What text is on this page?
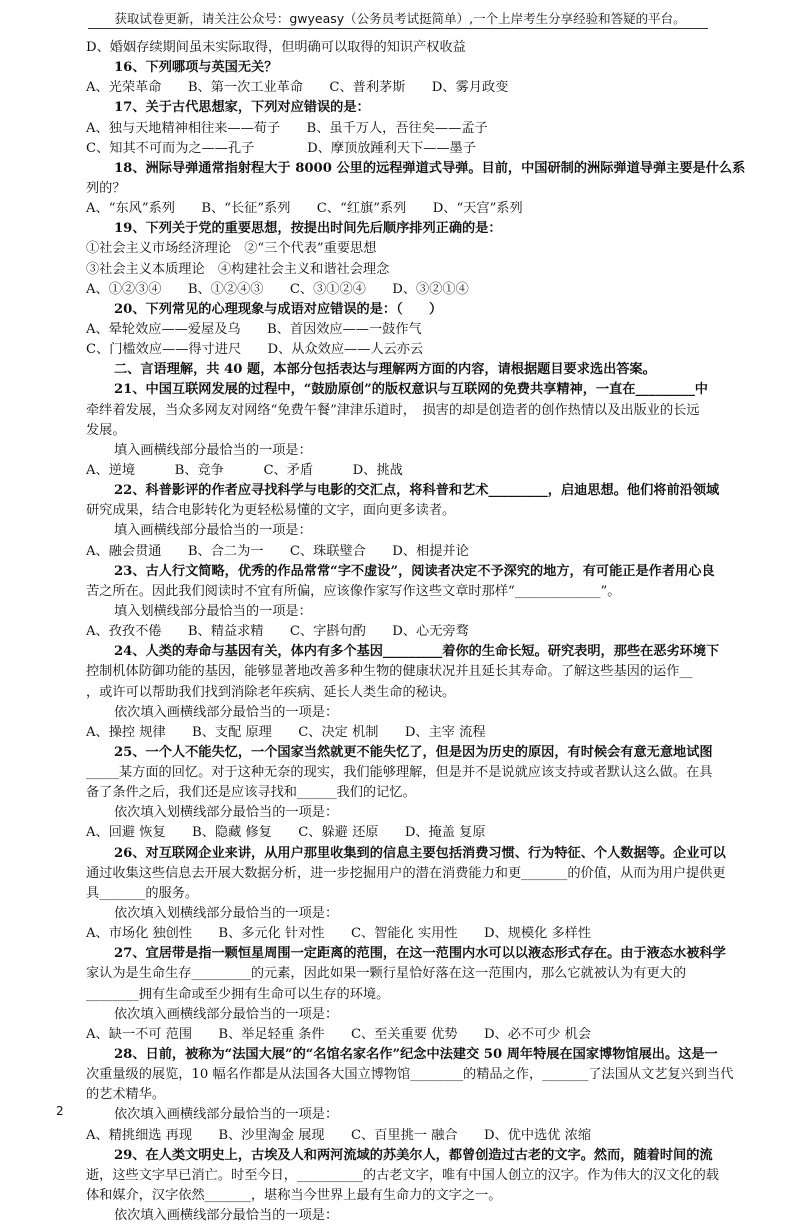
获取试卷更新，请关注公众号：gwyeasy（公务员考试挺简单）,一个上岸考生分享经验和答疑的平台。
D、婚姻存续期间虽未实际取得，但明确可以取得的知识产权收益
16、下列哪项与英国无关？
A、光荣革命　　B、第一次工业革命　　C、普利茅斯　　D、雾月政变
17、关于古代思想家，下列对应错误的是：
A、独与天地精神相往来——荀子　　B、虽千万人，吾往矣——孟子
C、知其不可而为之——孔子　　　　D、摩顶放踵利天下——墨子
18、洲际导弹通常指射程大于 8000 公里的远程弹道式导弹。目前，中国研制的洲际弹道导弹主要是什么系
列的？
A、“东风”系列　　B、“长征”系列　　C、“红旗”系列　　D、“天宫”系列
19、下列关于党的重要思想，按提出时间先后顺序排列正确的是：
①社会主义市场经济理论　②“三个代表”重要思想
③社会主义本质理论　④构建社会主义和谐社会理念
A、①②③④　　B、①②④③　　C、③①②④　　D、③②①④
20、下列常见的心理现象与成语对应错误的是：（　　）
A、晕轮效应——爱屋及乌　　B、首因效应——一鼓作气
C、门槛效应——得寸进尺　　D、从众效应——人云亦云
二、言语理解，共 40 题，本部分包括表达与理解两方面的内容，请根据题目要求选出答案。
21、中国互联网发展的过程中，“鼓励原创”的版权意识与互联网的免费共享精神，一直在_________中
牵绊着发展，当众多网友对网络“免费午餐”津津乐道时，　损害的却是创造者的创作热情以及出版业的长远
发展。
填入画横线部分最恰当的一项是：
A、逆境　　　B、竞争　　　C、矛盾　　　D、挑战
22、科普影评的作者应寻找科学与电影的交汇点，将科普和艺术_________，启迪思想。他们将前沿领域
研究成果，结合电影转化为更轻松易懂的文字，面向更多读者。
填入画横线部分最恰当的一项是：
A、融会贯通　　B、合二为一　　C、珠联璧合　　D、相提并论
23、古人行文简略，优秀的作品常常“字不虚设”，阅读者决定不予深究的地方，有可能正是作者用心良
苦之所在。因此我们阅读时不宜有所偏，应该像作家写作这些文章时那样“_____________”。
填入划横线部分最恰当的一项是：
A、孜孜不倦　　B、精益求精　　C、字斟句酌　　D、心无旁骛
24、人类的寿命与基因有关，体内有多个基因_________着你的生命长短。研究表明，那些在恶劣环境下
控制机体防御功能的基因，能够显著地改善多种生物的健康状况并且延长其寿命。了解这些基因的运作__
，或许可以帮助我们找到消除老年疾病、延长人类生命的秘诀。
依次填入画横线部分最恰当的一项是：
A、操控 规律　　B、支配 原理　　C、决定 机制　　D、主宰 流程
25、一个人不能失忆，一个国家当然就更不能失忆了，但是因为历史的原因，有时候会有意无意地试图
_____某方面的回忆。对于这种无奈的现实，我们能够理解，但是并不是说就应该支持或者默认这么做。在具
备了条件之后，我们还是应该寻找和______我们的记忆。
依次填入划横线部分最恰当的一项是：
A、回避 恢复　　B、隐藏 修复　　C、躲避 还原　　D、掩盖 复原
26、对互联网企业来讲，从用户那里收集到的信息主要包括消费习惯、行为特征、个人数据等。企业可以
通过收集这些信息去开展大数据分析，进一步挖掘用户的潜在消费能力和更_______的价值，从而为用户提供更
具_______的服务。
依次填入划横线部分最恰当的一项是：
A、市场化 独创性　　B、多元化 针对性　　C、智能化 实用性　　D、规模化 多样性
27、宜居带是指一颗恒星周围一定距离的范围，在这一范围内水可以以液态形式存在。由于液态水被科学
家认为是生命生存_________的元素，因此如果一颗行星恰好落在这一范围内，那么它就被认为有更大的
________拥有生命或至少拥有生命可以生存的环境。
依次填入画横线部分最恰当的一项是：
A、缺一不可 范围　　B、举足轻重 条件　　C、至关重要 优势　　D、必不可少 机会
28、日前，被称为“法国大展”的“名馆名家名作”纪念中法建交 50 周年特展在国家博物馆展出。这是一
次重量级的展览，10 幅名作都是从法国各大国立博物馆________的精品之作，_______了法国从文艺复兴到当代
的艺术精华。
依次填入画横线部分最恰当的一项是：
A、精挑细选 再现　　B、沙里淘金 展现　　C、百里挑一 融合　　D、优中选优 浓缩
29、在人类文明史上，古埃及人和两河流域的苏美尔人，都曾创造过古老的文字。然而，随着时间的流
逝，这些文字早已消亡。时至今日，__________的古老文字，唯有中国人创立的汉字。作为伟大的汉文化的载
体和媒介，汉字依然_______，堪称当今世界上最有生命力的文字之一。
依次填入画横线部分最恰当的一项是：
2
